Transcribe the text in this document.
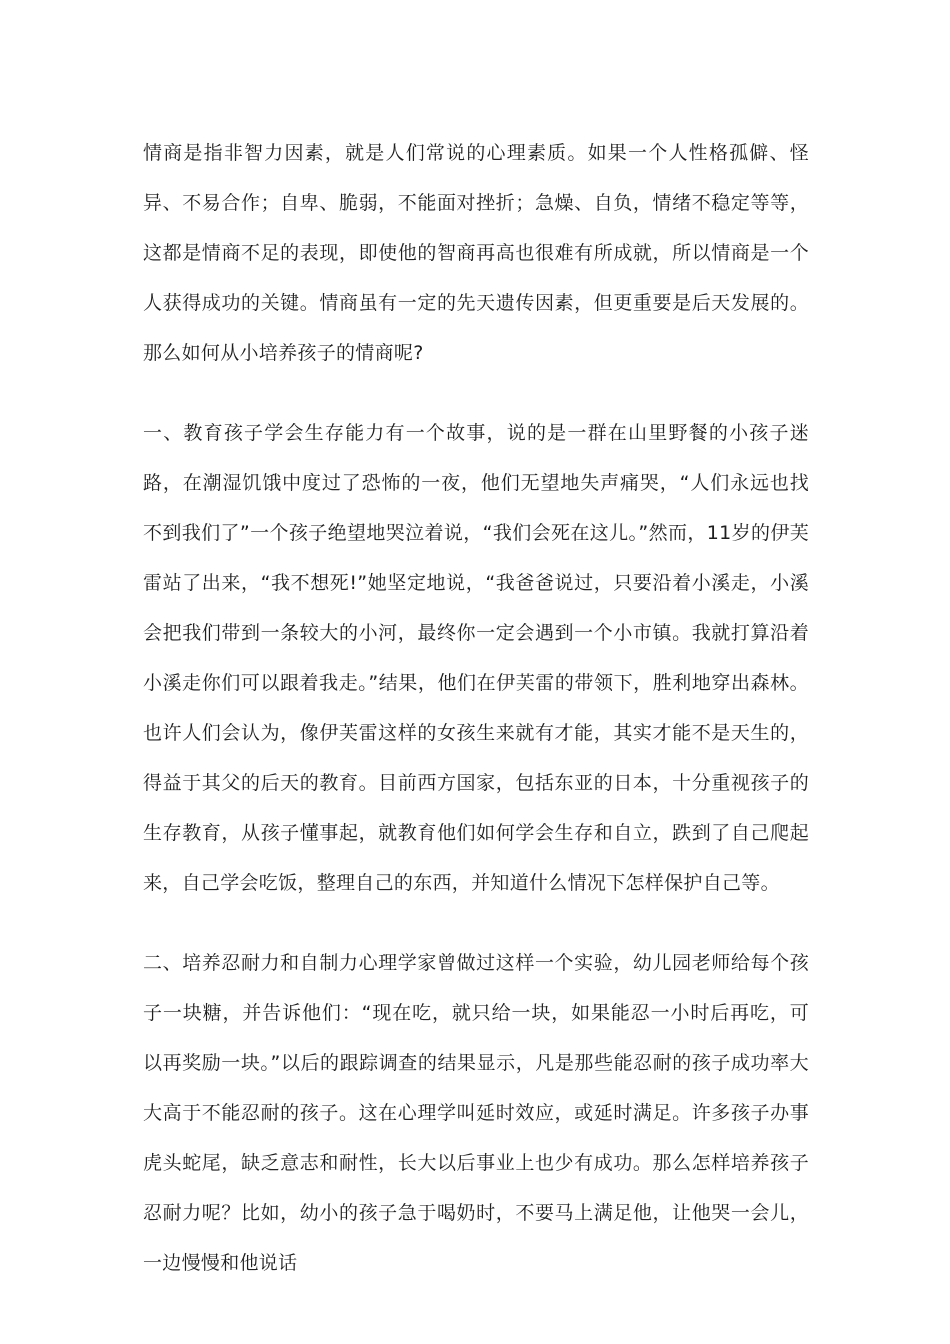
情商是指非智力因素，就是人们常说的心理素质。如果一个人性格孤僻、怪异、不易合作；自卑、脆弱，不能面对挫折；急燥、自负，情绪不稳定等等，这都是情商不足的表现，即使他的智商再高也很难有所成就，所以情商是一个人获得成功的关键。情商虽有一定的先天遗传因素，但更重要是后天发展的。那么如何从小培养孩子的情商呢?

一、教育孩子学会生存能力有一个故事，说的是一群在山里野餐的小孩子迷路，在潮湿饥饿中度过了恐怖的一夜，他们无望地失声痛哭，“人们永远也找不到我们了”一个孩子绝望地哭泣着说，“我们会死在这儿。”然而，11岁的伊芙雷站了出来，“我不想死!”她坚定地说，“我爸爸说过，只要沿着小溪走，小溪会把我们带到一条较大的小河，最终你一定会遇到一个小市镇。我就打算沿着小溪走你们可以跟着我走。”结果，他们在伊芙雷的带领下，胜利地穿出森林。也许人们会认为，像伊芙雷这样的女孩生来就有才能，其实才能不是天生的，得益于其父的后天的教育。目前西方国家，包括东亚的日本，十分重视孩子的生存教育，从孩子懂事起，就教育他们如何学会生存和自立，跌到了自己爬起来，自己学会吃饭，整理自己的东西，并知道什么情况下怎样保护自己等。

二、培养忍耐力和自制力心理学家曾做过这样一个实验，幼儿园老师给每个孩子一块糖，并告诉他们：“现在吃，就只给一块，如果能忍一小时后再吃，可以再奖励一块。”以后的跟踪调查的结果显示，凡是那些能忍耐的孩子成功率大大高于不能忍耐的孩子。这在心理学叫延时效应，或延时满足。许多孩子办事虎头蛇尾，缺乏意志和耐性，长大以后事业上也少有成功。那么怎样培养孩子忍耐力呢？比如，幼小的孩子急于喝奶时，不要马上满足他，让他哭一会儿，一边慢慢和他说话
